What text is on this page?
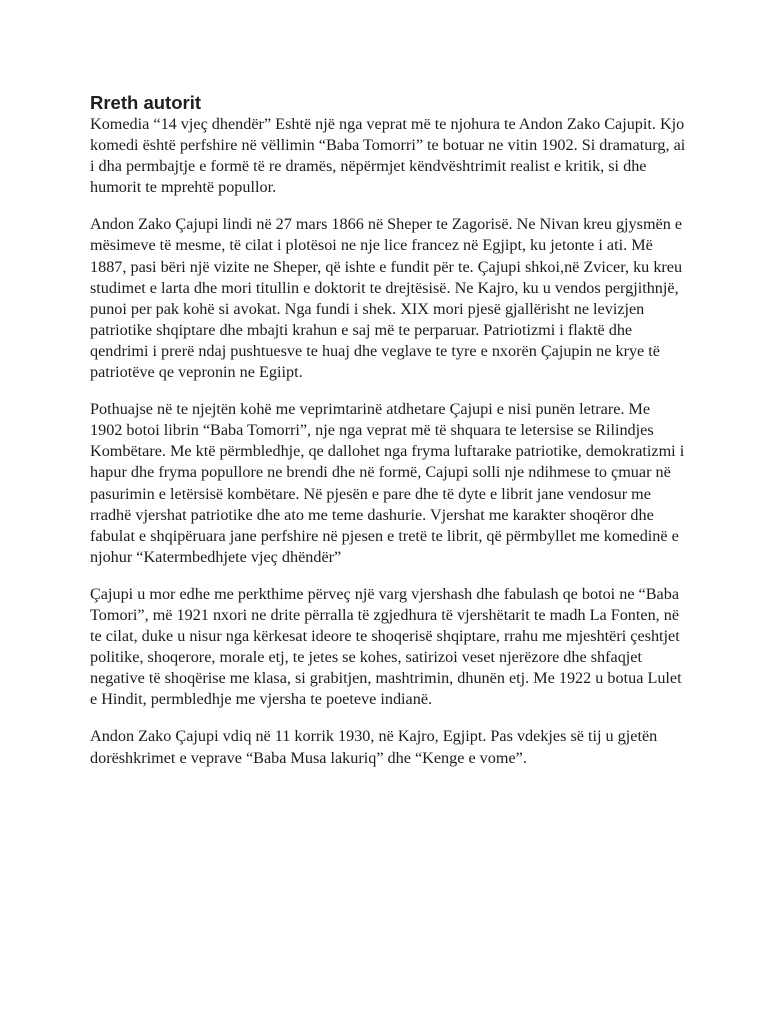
Rreth autorit

Komedia “14 vjeç dhendër” Eshtë një nga veprat më te njohura te Andon Zako Cajupit. Kjo komedi është perfshire në vëllimin “Baba Tomorri” te botuar ne vitin 1902. Si dramaturg, ai i dha permbajtje e formë të re dramës, nëpërmjet këndvështrimit realist e kritik, si dhe humorit te mprehtë popullor.

Andon Zako Çajupi lindi në 27 mars 1866 në Sheper te Zagorisë. Ne Nivan kreu gjysmën e mësimeve të mesme, të cilat i plotësoi ne nje lice francez në Egjipt, ku jetonte i ati. Më 1887, pasi bëri një vizite ne Sheper, që ishte e fundit për te. Çajupi shkoi,në Zvicer, ku kreu studimet e larta dhe mori titullin e doktorit te drejtësisë. Ne Kajro, ku u vendos pergjithnjë, punoi per pak kohë si avokat. Nga fundi i shek. XIX mori pjesë gjallërisht ne levizjen patriotike shqiptare dhe mbajti krahun e saj më te perparuar. Patriotizmi i flaktë dhe qendrimi i prerë ndaj pushtuesve te huaj dhe veglave te tyre e nxorën Çajupin ne krye të patriotëve qe vepronin ne Egiipt.

Pothuajse në te njejtën kohë me veprimtarinë atdhetare Çajupi e nisi punën letrare. Me 1902 botoi librin “Baba Tomorri”, nje nga veprat më të shquara te letersise se Rilindjes Kombëtare. Me ktë përmbledhje, qe dallohet nga fryma luftarake patriotike, demokratizmi i hapur dhe fryma popullore ne brendi dhe në formë, Cajupi solli nje ndihmese to çmuar në pasurimin e letërsisë kombëtare. Në pjesën e pare dhe të dyte e librit jane vendosur me rradhë vjershat patriotike dhe ato me teme dashurie. Vjershat me karakter shoqëror dhe fabulat e shqipëruara jane perfshire në pjesen e tretë te librit, që përmbyllet me komedinë e njohur “Katermbedhjete vjeç dhëndër”

Çajupi u mor edhe me perkthime përveç një varg vjershash dhe fabulash qe botoi ne “Baba Tomori”, më 1921 nxori ne drite përralla të zgjedhura të vjershëtarit te madh La Fonten, në te cilat, duke u nisur nga kërkesat ideore te shoqerisë shqiptare, rrahu me mjeshtëri çeshtjet politike, shoqerore, morale etj, te jetes se kohes, satirizoi veset njerëzore dhe shfaqjet negative të shoqërise me klasa, si grabitjen, mashtrimin, dhunën etj. Me 1922 u botua Lulet e Hindit, permbledhje me vjersha te poeteve indianë.

Andon Zako Çajupi vdiq në 11 korrik 1930, në Kajro, Egjipt. Pas vdekjes së tij u gjetën dorëshkrimet e veprave “Baba Musa lakuriq” dhe “Kenge e vome”.
